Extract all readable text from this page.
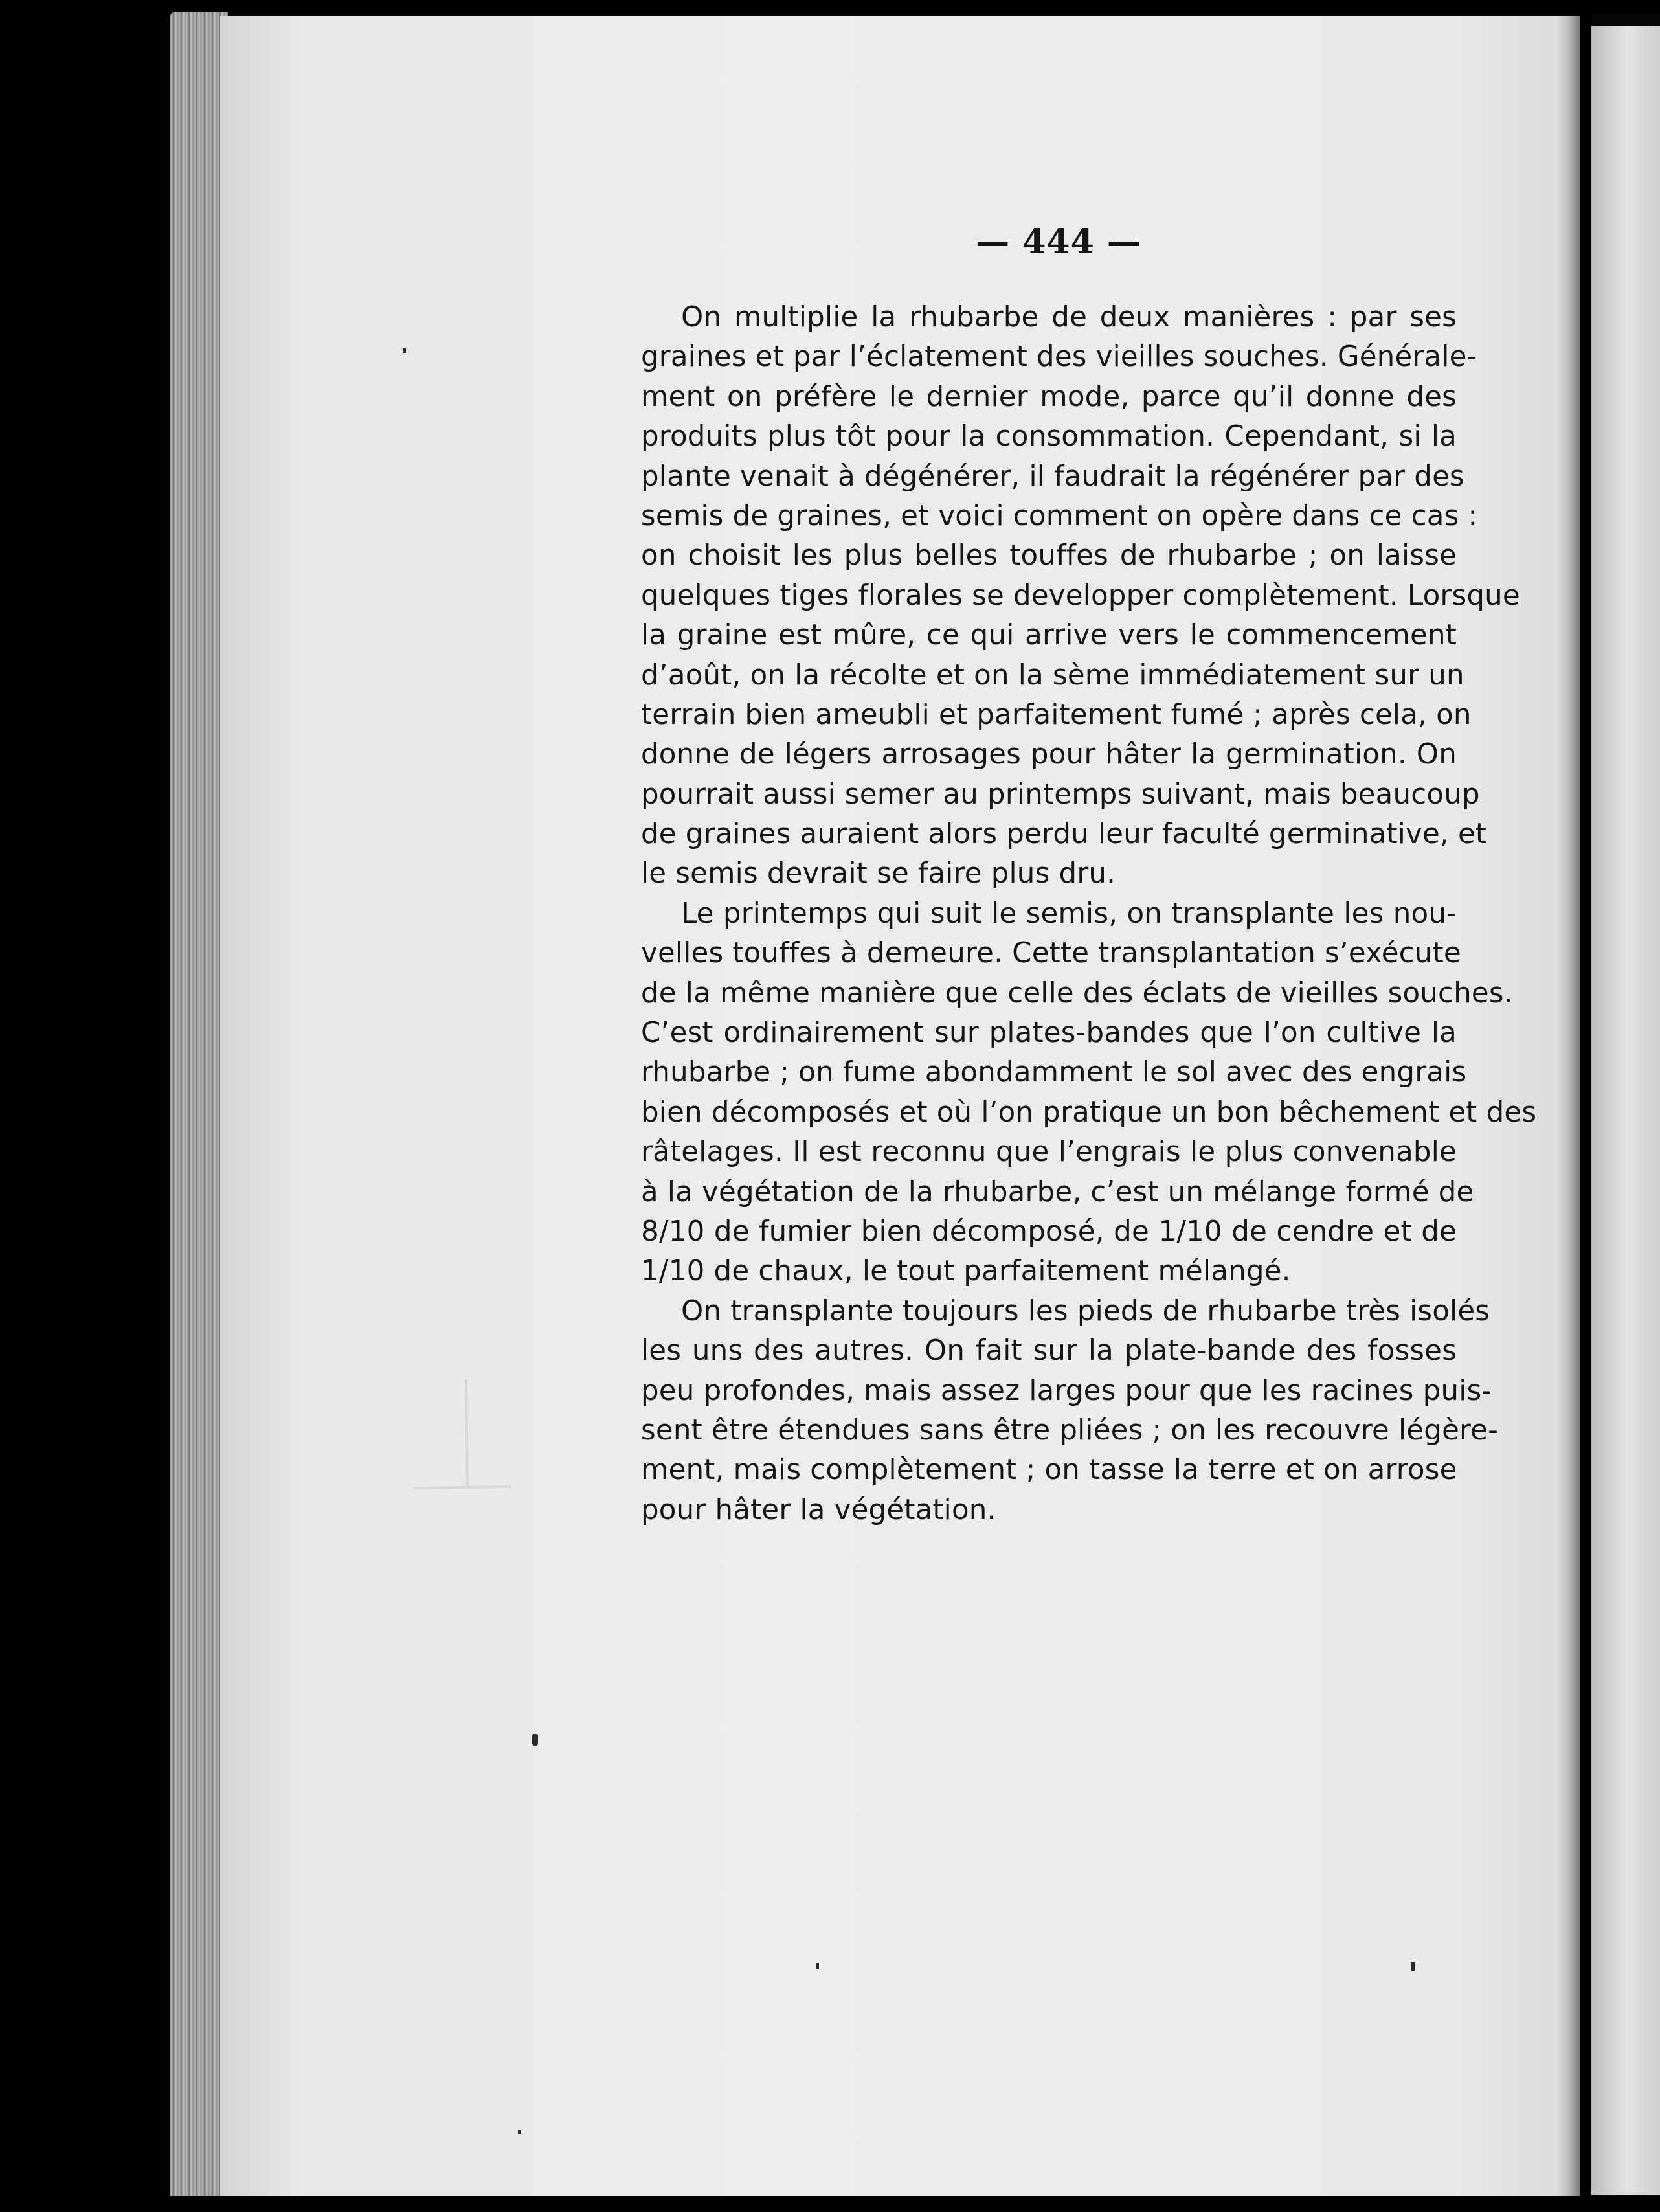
— 444 —
On multiplie la rhubarbe de deux manières : par ses
graines et par l’éclatement des vieilles souches. Générale-
ment on préfère le dernier mode, parce qu’il donne des
produits plus tôt pour la consommation. Cependant, si la
plante venait à dégénérer, il faudrait la régénérer par des
semis de graines, et voici comment on opère dans ce cas :
on choisit les plus belles touffes de rhubarbe ; on laisse
quelques tiges florales se developper complètement. Lorsque
la graine est mûre, ce qui arrive vers le commencement
d’août, on la récolte et on la sème immédiatement sur un
terrain bien ameubli et parfaitement fumé ; après cela, on
donne de légers arrosages pour hâter la germination. On
pourrait aussi semer au printemps suivant, mais beaucoup
de graines auraient alors perdu leur faculté germinative, et
le semis devrait se faire plus dru.
Le printemps qui suit le semis, on transplante les nou-
velles touffes à demeure. Cette transplantation s’exécute
de la même manière que celle des éclats de vieilles souches.
C’est ordinairement sur plates-bandes que l’on cultive la
rhubarbe ; on fume abondamment le sol avec des engrais
bien décomposés et où l’on pratique un bon bêchement et des
râtelages. Il est reconnu que l’engrais le plus convenable
à la végétation de la rhubarbe, c’est un mélange formé de
8/10 de fumier bien décomposé, de 1/10 de cendre et de
1/10 de chaux, le tout parfaitement mélangé.
On transplante toujours les pieds de rhubarbe très isolés
les uns des autres. On fait sur la plate-bande des fosses
peu profondes, mais assez larges pour que les racines puis-
sent être étendues sans être pliées ; on les recouvre légère-
ment, mais complètement ; on tasse la terre et on arrose
pour hâter la végétation.
